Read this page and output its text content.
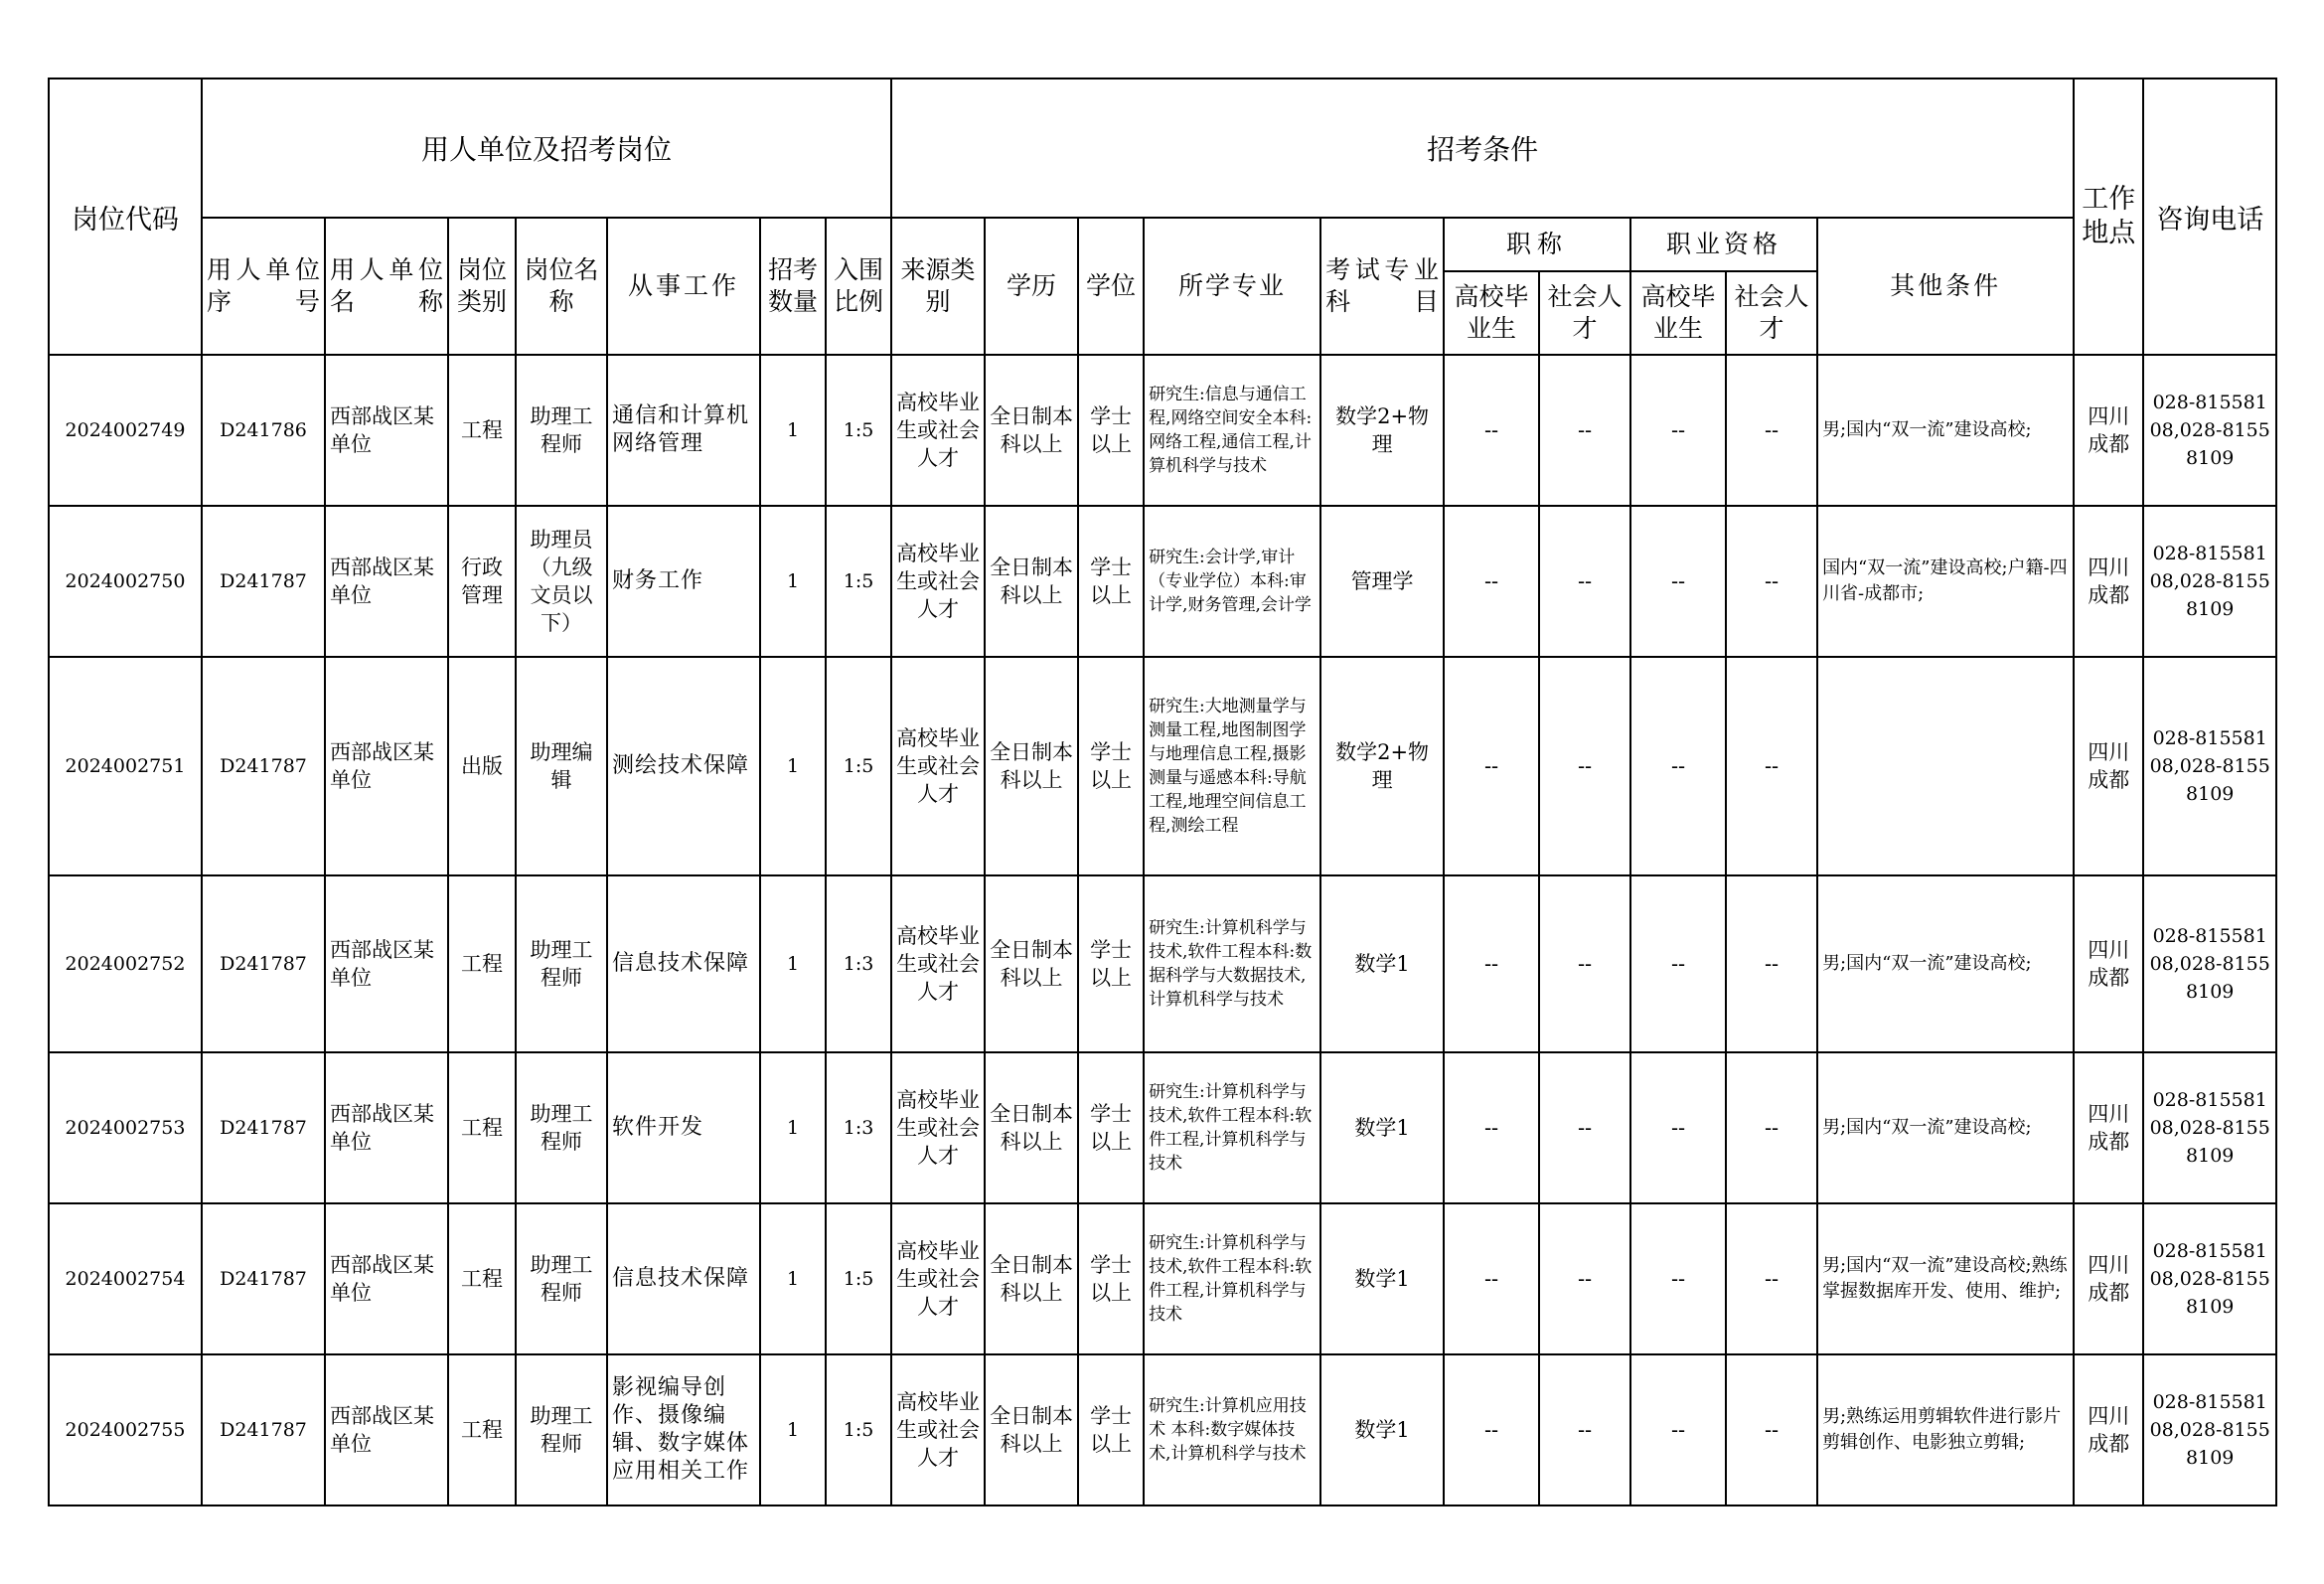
岗位代码	用人单位及招考岗位							招考条件										工作地点	咨询电话
	用人单位序号	用人单位名称	岗位类别	岗位名称	从事工作	招考数量	入围比例	来源类别	学历	学位	所学专业	考试专业科目	职称		职业资格		其他条件		
													高校毕业生	社会人才	高校毕业生	社会人才			
2024002749	D241786	西部战区某单位	工程	助理工程师	通信和计算机网络管理	1	1:5	高校毕业生或社会人才	全日制本科以上	学士以上	研究生:信息与通信工程,网络空间安全本科:网络工程,通信工程,计算机科学与技术	数学2+物理	--	--	--	--	男;国内“双一流”建设高校;	四川成都	028-81558108,028-81558109
2024002750	D241787	西部战区某单位	行政管理	助理员（九级文员以下）	财务工作	1	1:5	高校毕业生或社会人才	全日制本科以上	学士以上	研究生:会计学,审计（专业学位）本科:审计学,财务管理,会计学	管理学	--	--	--	--	国内“双一流”建设高校;户籍-四川省-成都市;	四川成都	028-81558108,028-81558109
2024002751	D241787	西部战区某单位	出版	助理编辑	测绘技术保障	1	1:5	高校毕业生或社会人才	全日制本科以上	学士以上	研究生:大地测量学与测量工程,地图制图学与地理信息工程,摄影测量与遥感本科:导航工程,地理空间信息工程,测绘工程	数学2+物理	--	--	--	--		四川成都	028-81558108,028-81558109
2024002752	D241787	西部战区某单位	工程	助理工程师	信息技术保障	1	1:3	高校毕业生或社会人才	全日制本科以上	学士以上	研究生:计算机科学与技术,软件工程本科:数据科学与大数据技术,计算机科学与技术	数学1	--	--	--	--	男;国内“双一流”建设高校;	四川成都	028-81558108,028-81558109
2024002753	D241787	西部战区某单位	工程	助理工程师	软件开发	1	1:3	高校毕业生或社会人才	全日制本科以上	学士以上	研究生:计算机科学与技术,软件工程本科:软件工程,计算机科学与技术	数学1	--	--	--	--	男;国内“双一流”建设高校;	四川成都	028-81558108,028-81558109
2024002754	D241787	西部战区某单位	工程	助理工程师	信息技术保障	1	1:5	高校毕业生或社会人才	全日制本科以上	学士以上	研究生:计算机科学与技术,软件工程本科:软件工程,计算机科学与技术	数学1	--	--	--	--	男;国内“双一流”建设高校;熟练掌握数据库开发、使用、维护;	四川成都	028-81558108,028-81558109
2024002755	D241787	西部战区某单位	工程	助理工程师	影视编导创作、摄像编辑、数字媒体应用相关工作	1	1:5	高校毕业生或社会人才	全日制本科以上	学士以上	研究生:计算机应用技术 本科:数字媒体技术,计算机科学与技术	数学1	--	--	--	--	男;熟练运用剪辑软件进行影片剪辑创作、电影独立剪辑;	四川成都	028-81558108,028-81558109
